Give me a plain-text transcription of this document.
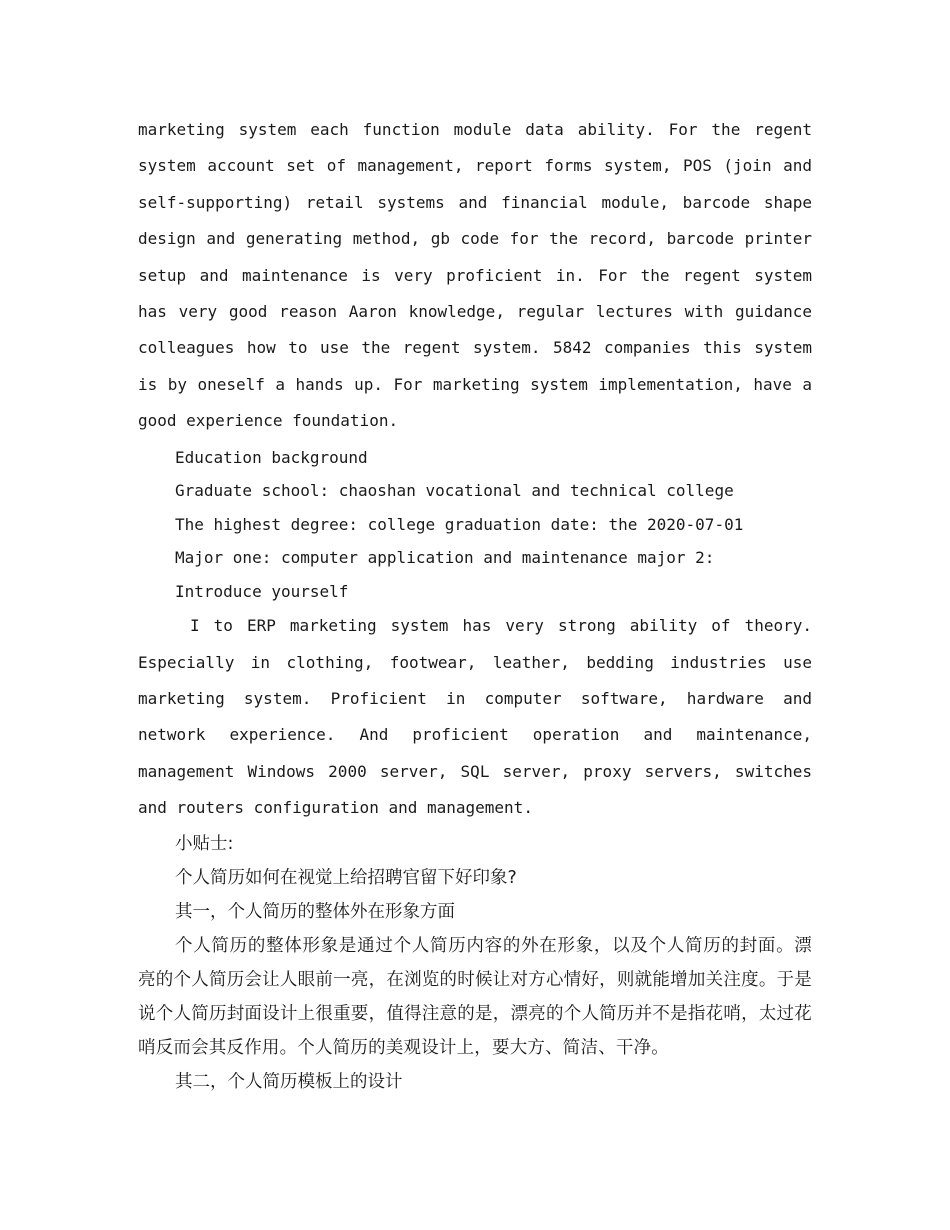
marketing system each function module data ability. For the regent system account set of management, report forms system, POS (join and self-supporting) retail systems and financial module, barcode shape design and generating method, gb code for the record, barcode printer setup and maintenance is very proficient in. For the regent system has very good reason Aaron knowledge, regular lectures with guidance colleagues how to use the regent system. 5842 companies this system is by oneself a hands up. For marketing system implementation, have a good experience foundation.

Education background

Graduate school: chaoshan vocational and technical college

The highest degree: college graduation date: the 2020-07-01

Major one: computer application and maintenance major 2:

Introduce yourself

I to ERP marketing system has very strong ability of theory. Especially in clothing, footwear, leather, bedding industries use marketing system. Proficient in computer software, hardware and network experience. And proficient operation and maintenance, management Windows 2000 server, SQL server, proxy servers, switches and routers configuration and management.

小贴士:

个人简历如何在视觉上给招聘官留下好印象?

其一，个人简历的整体外在形象方面

个人简历的整体形象是通过个人简历内容的外在形象，以及个人简历的封面。漂亮的个人简历会让人眼前一亮，在浏览的时候让对方心情好，则就能增加关注度。于是说个人简历封面设计上很重要，值得注意的是，漂亮的个人简历并不是指花哨，太过花哨反而会其反作用。个人简历的美观设计上，要大方、简洁、干净。

其二，个人简历模板上的设计
